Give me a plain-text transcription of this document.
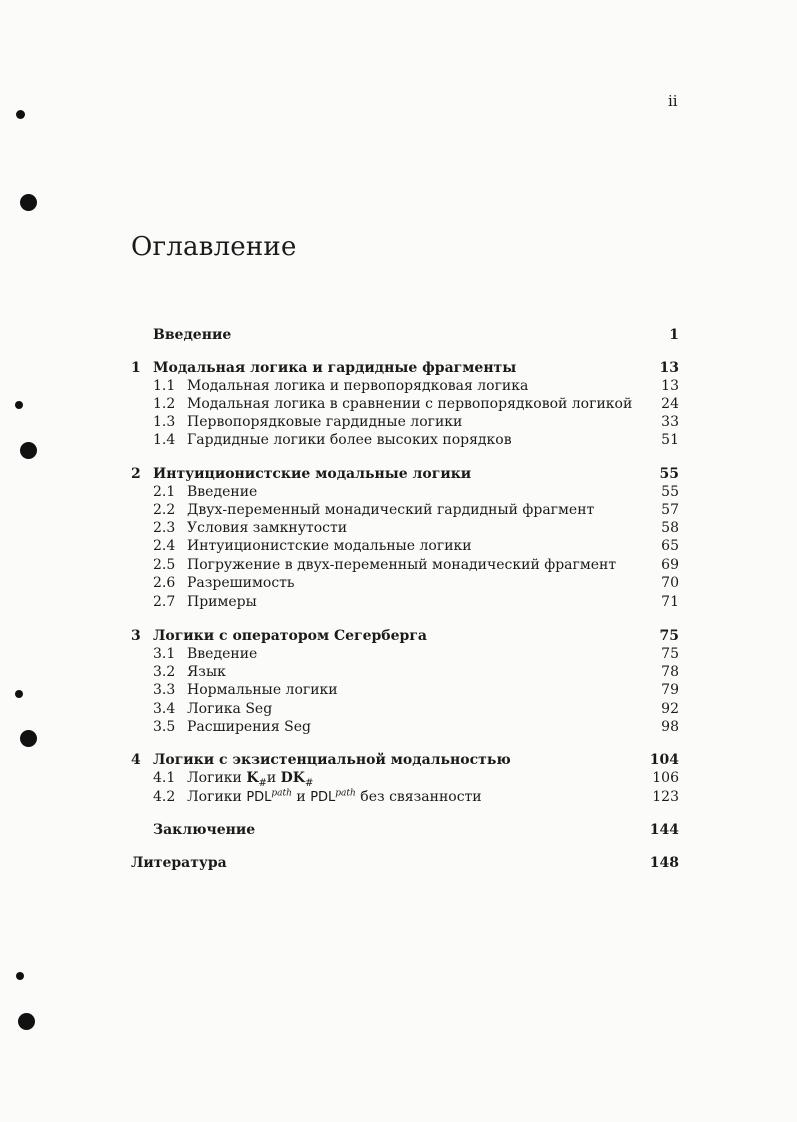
ii
Оглавление
Введение	1
1 Модальная логика и гардидные фрагменты	13
1.1 Модальная логика и первопорядковая логика	13
1.2 Модальная логика в сравнении с первопорядковой логикой 24
1.3 Первопорядковые гардидные логики	33
1.4 Гардидные логики более высоких порядков	51
2 Интуиционистские модальные логики	55
2.1 Введение	55
2.2 Двух-переменный монадический гардидный фрагмент	57
2.3 Условия замкнутости	58
2.4 Интуиционистские модальные логики	65
2.5 Погружение в двух-переменный монадический фрагмент	69
2.6 Разрешимость	70
2.7 Примеры	71
3 Логики с оператором Сегерберга	75
3.1 Введение	75
3.2 Язык	78
3.3 Нормальные логики	79
3.4 Логика Seg	92
3.5 Расширения Seg	98
4 Логики с экзистенциальной модальностью	104
4.1 Логики $K_{\#}и$ $DK_{\#}$	106
4.2 Логики $PDL^{path}$ и $PDL^{path}$ без связанности	123
Заключение	144
Литература	148
